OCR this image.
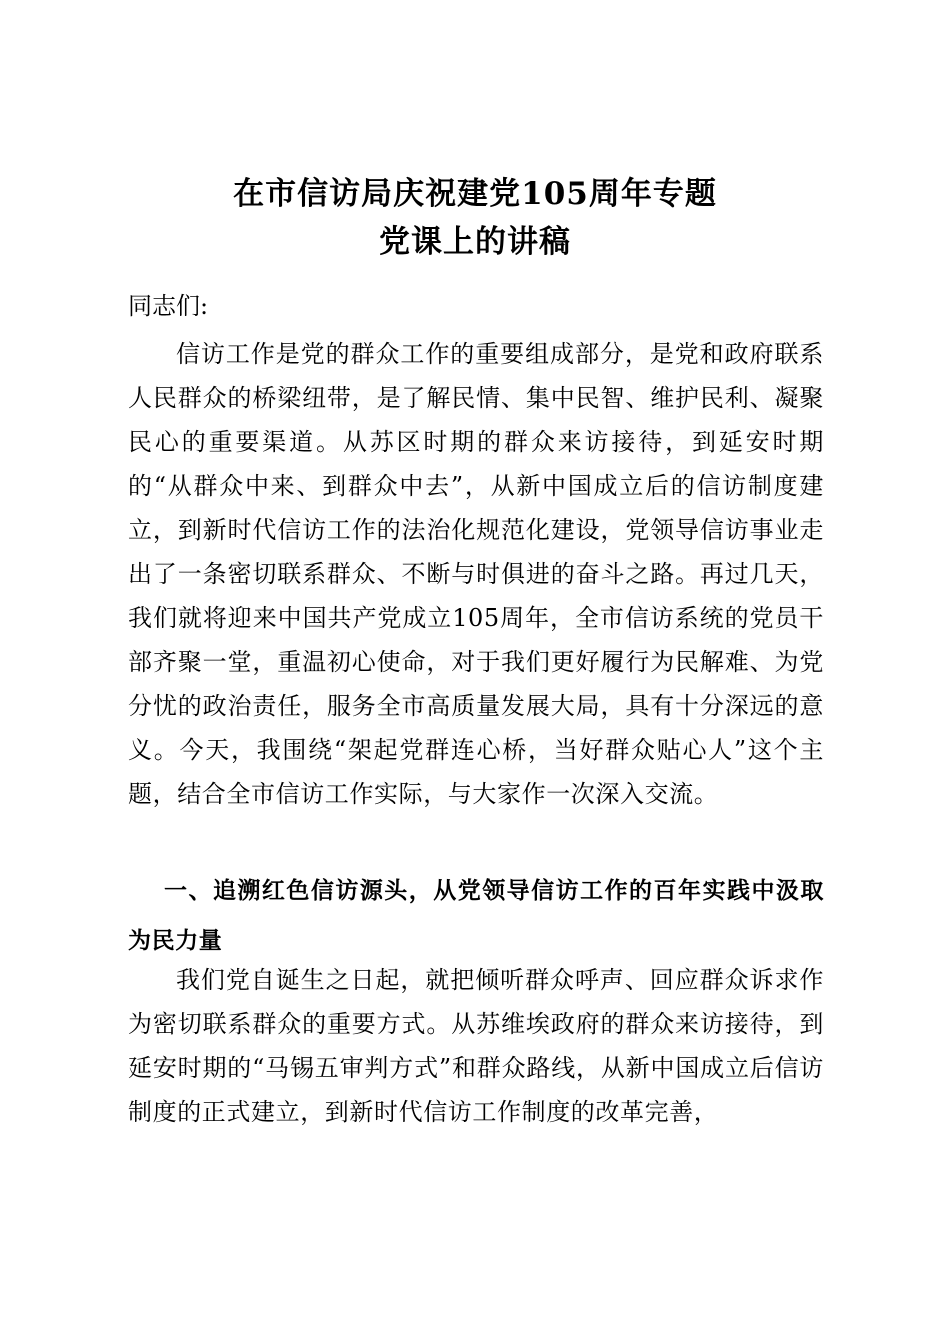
在市信访局庆祝建党105周年专题
党课上的讲稿
同志们:

信访工作是党的群众工作的重要组成部分，是党和政府联系人民群众的桥梁纽带，是了解民情、集中民智、维护民利、凝聚民心的重要渠道。从苏区时期的群众来访接待，到延安时期的“从群众中来、到群众中去”，从新中国成立后的信访制度建立，到新时代信访工作的法治化规范化建设，党领导信访事业走出了一条密切联系群众、不断与时俱进的奋斗之路。再过几天，我们就将迎来中国共产党成立105周年，全市信访系统的党员干部齐聚一堂，重温初心使命，对于我们更好履行为民解难、为党分忧的政治责任，服务全市高质量发展大局，具有十分深远的意义。今天，我围绕“架起党群连心桥，当好群众贴心人”这个主题，结合全市信访工作实际，与大家作一次深入交流。

一、追溯红色信访源头，从党领导信访工作的百年实践中汲取为民力量

我们党自诞生之日起，就把倾听群众呼声、回应群众诉求作为密切联系群众的重要方式。从苏维埃政府的群众来访接待，到延安时期的“马锡五审判方式”和群众路线，从新中国成立后信访制度的正式建立，到新时代信访工作制度的改革完善，
